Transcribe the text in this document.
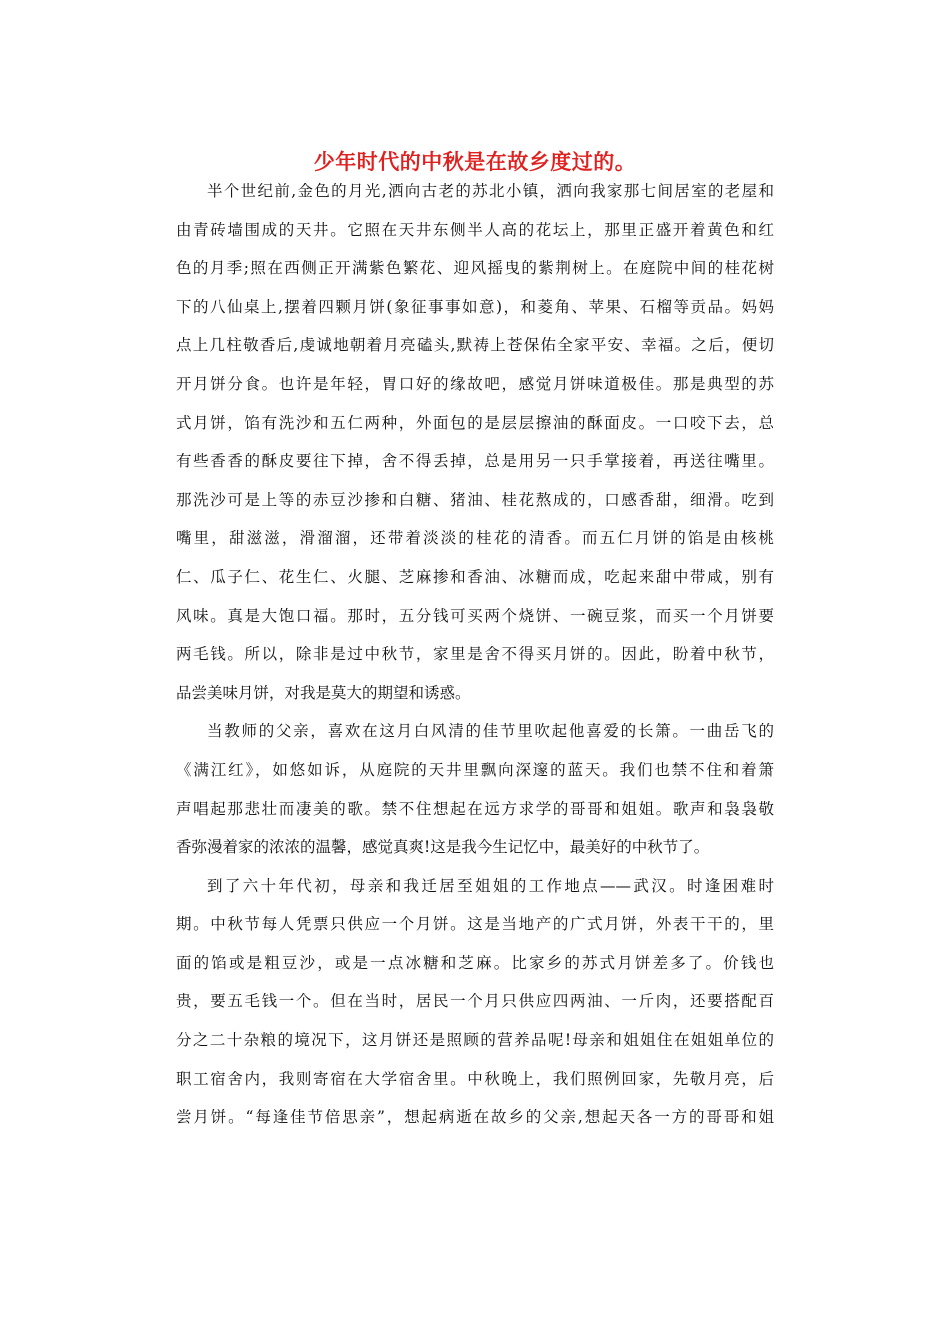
少年时代的中秋是在故乡度过的。
半个世纪前,金色的月光,洒向古老的苏北小镇，洒向我家那七间居室的老屋和
由青砖墙围成的天井。它照在天井东侧半人高的花坛上，那里正盛开着黄色和红
色的月季;照在西侧正开满紫色繁花、迎风摇曳的紫荆树上。在庭院中间的桂花树
下的八仙桌上,摆着四颗月饼(象征事事如意)，和菱角、苹果、石榴等贡品。妈妈
点上几柱敬香后,虔诚地朝着月亮磕头,默祷上苍保佑全家平安、幸福。之后，便切
开月饼分食。也许是年轻，胃口好的缘故吧，感觉月饼味道极佳。那是典型的苏
式月饼，馅有洗沙和五仁两种，外面包的是层层擦油的酥面皮。一口咬下去，总
有些香香的酥皮要往下掉，舍不得丢掉，总是用另一只手掌接着，再送往嘴里。
那洗沙可是上等的赤豆沙掺和白糖、猪油、桂花熬成的，口感香甜，细滑。吃到
嘴里，甜滋滋，滑溜溜，还带着淡淡的桂花的清香。而五仁月饼的馅是由核桃
仁、瓜子仁、花生仁、火腿、芝麻掺和香油、冰糖而成，吃起来甜中带咸，别有
风味。真是大饱口福。那时，五分钱可买两个烧饼、一碗豆浆，而买一个月饼要
两毛钱。所以，除非是过中秋节，家里是舍不得买月饼的。因此，盼着中秋节，
品尝美味月饼，对我是莫大的期望和诱惑。
当教师的父亲，喜欢在这月白风清的佳节里吹起他喜爱的长箫。一曲岳飞的
《满江红》，如悠如诉，从庭院的天井里飘向深邃的蓝天。我们也禁不住和着箫
声唱起那悲壮而凄美的歌。禁不住想起在远方求学的哥哥和姐姐。歌声和袅袅敬
香弥漫着家的浓浓的温馨，感觉真爽!这是我今生记忆中，最美好的中秋节了。
到了六十年代初，母亲和我迁居至姐姐的工作地点——武汉。时逢困难时
期。中秋节每人凭票只供应一个月饼。这是当地产的广式月饼，外表干干的，里
面的馅或是粗豆沙，或是一点冰糖和芝麻。比家乡的苏式月饼差多了。价钱也
贵，要五毛钱一个。但在当时，居民一个月只供应四两油、一斤肉，还要搭配百
分之二十杂粮的境况下，这月饼还是照顾的营养品呢!母亲和姐姐住在姐姐单位的
职工宿舍内，我则寄宿在大学宿舍里。中秋晚上，我们照例回家，先敬月亮，后
尝月饼。“每逢佳节倍思亲”，想起病逝在故乡的父亲,想起天各一方的哥哥和姐
